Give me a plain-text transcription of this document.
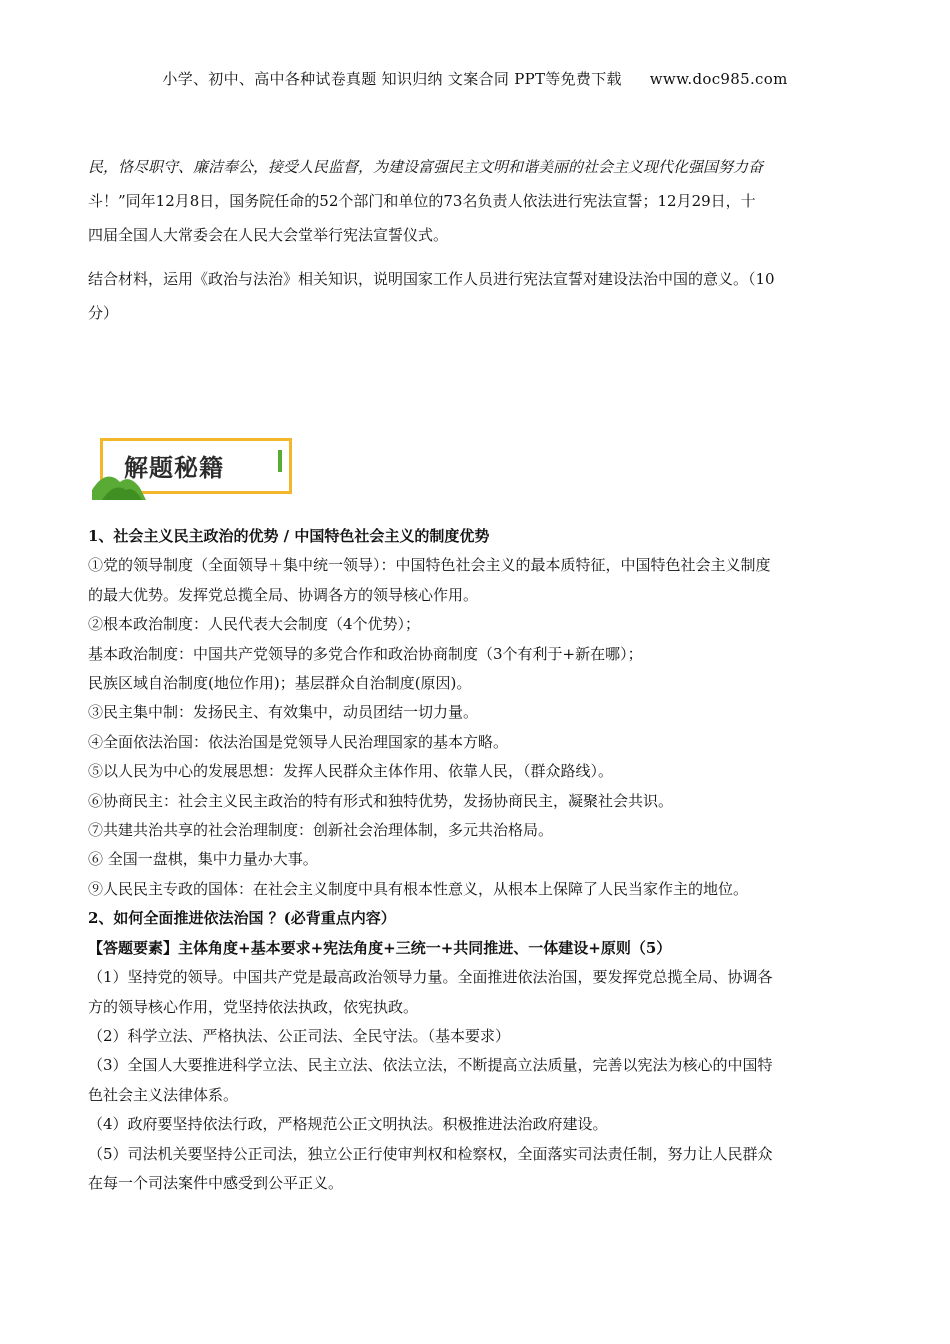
小学、初中、高中各种试卷真题 知识归纳 文案合同 PPT等免费下载 www.doc985.com

民，恪尽职守、廉洁奉公，接受人民监督，为建设富强民主文明和谐美丽的社会主义现代化强国努力奋

斗！”同年12月8日，国务院任命的52个部门和单位的73名负责人依法进行宪法宣誓；12月29日，十

四届全国人大常委会在人民大会堂举行宪法宣誓仪式。

结合材料，运用《政治与法治》相关知识，说明国家工作人员进行宪法宣誓对建设法治中国的意义。（10

分）

解题秘籍

1、社会主义民主政治的优势 / 中国特色社会主义的制度优势

①党的领导制度（全面领导＋集中统一领导）：中国特色社会主义的最本质特征，中国特色社会主义制度

的最大优势。发挥党总揽全局、协调各方的领导核心作用。

②根本政治制度：人民代表大会制度（4个优势）；

基本政治制度：中国共产党领导的多党合作和政治协商制度（3个有利于+新在哪）；

民族区域自治制度(地位作用)；基层群众自治制度(原因)。

③民主集中制：发扬民主、有效集中，动员团结一切力量。

④全面依法治国：依法治国是党领导人民治理国家的基本方略。

⑤以人民为中心的发展思想：发挥人民群众主体作用、依靠人民，（群众路线）。

⑥协商民主：社会主义民主政治的特有形式和独特优势，发扬协商民主，凝聚社会共识。

⑦共建共治共享的社会治理制度：创新社会治理体制，多元共治格局。

⑥ 全国一盘棋，集中力量办大事。

⑨人民民主专政的国体：在社会主义制度中具有根本性意义，从根本上保障了人民当家作主的地位。

2、如何全面推进依法治国 ？(必背重点内容）

【答题要素】主体角度+基本要求+宪法角度+三统一+共同推进、一体建设+原则（5）

（1）坚持党的领导。中国共产党是最高政治领导力量。全面推进依法治国，要发挥党总揽全局、协调各

方的领导核心作用，党坚持依法执政，依宪执政。

（2）科学立法、严格执法、公正司法、全民守法。（基本要求）

（3）全国人大要推进科学立法、民主立法、依法立法，不断提高立法质量，完善以宪法为核心的中国特

色社会主义法律体系。

（4）政府要坚持依法行政，严格规范公正文明执法。积极推进法治政府建设。

（5）司法机关要坚持公正司法，独立公正行使审判权和检察权，全面落实司法责任制，努力让人民群众

在每一个司法案件中感受到公平正义。
